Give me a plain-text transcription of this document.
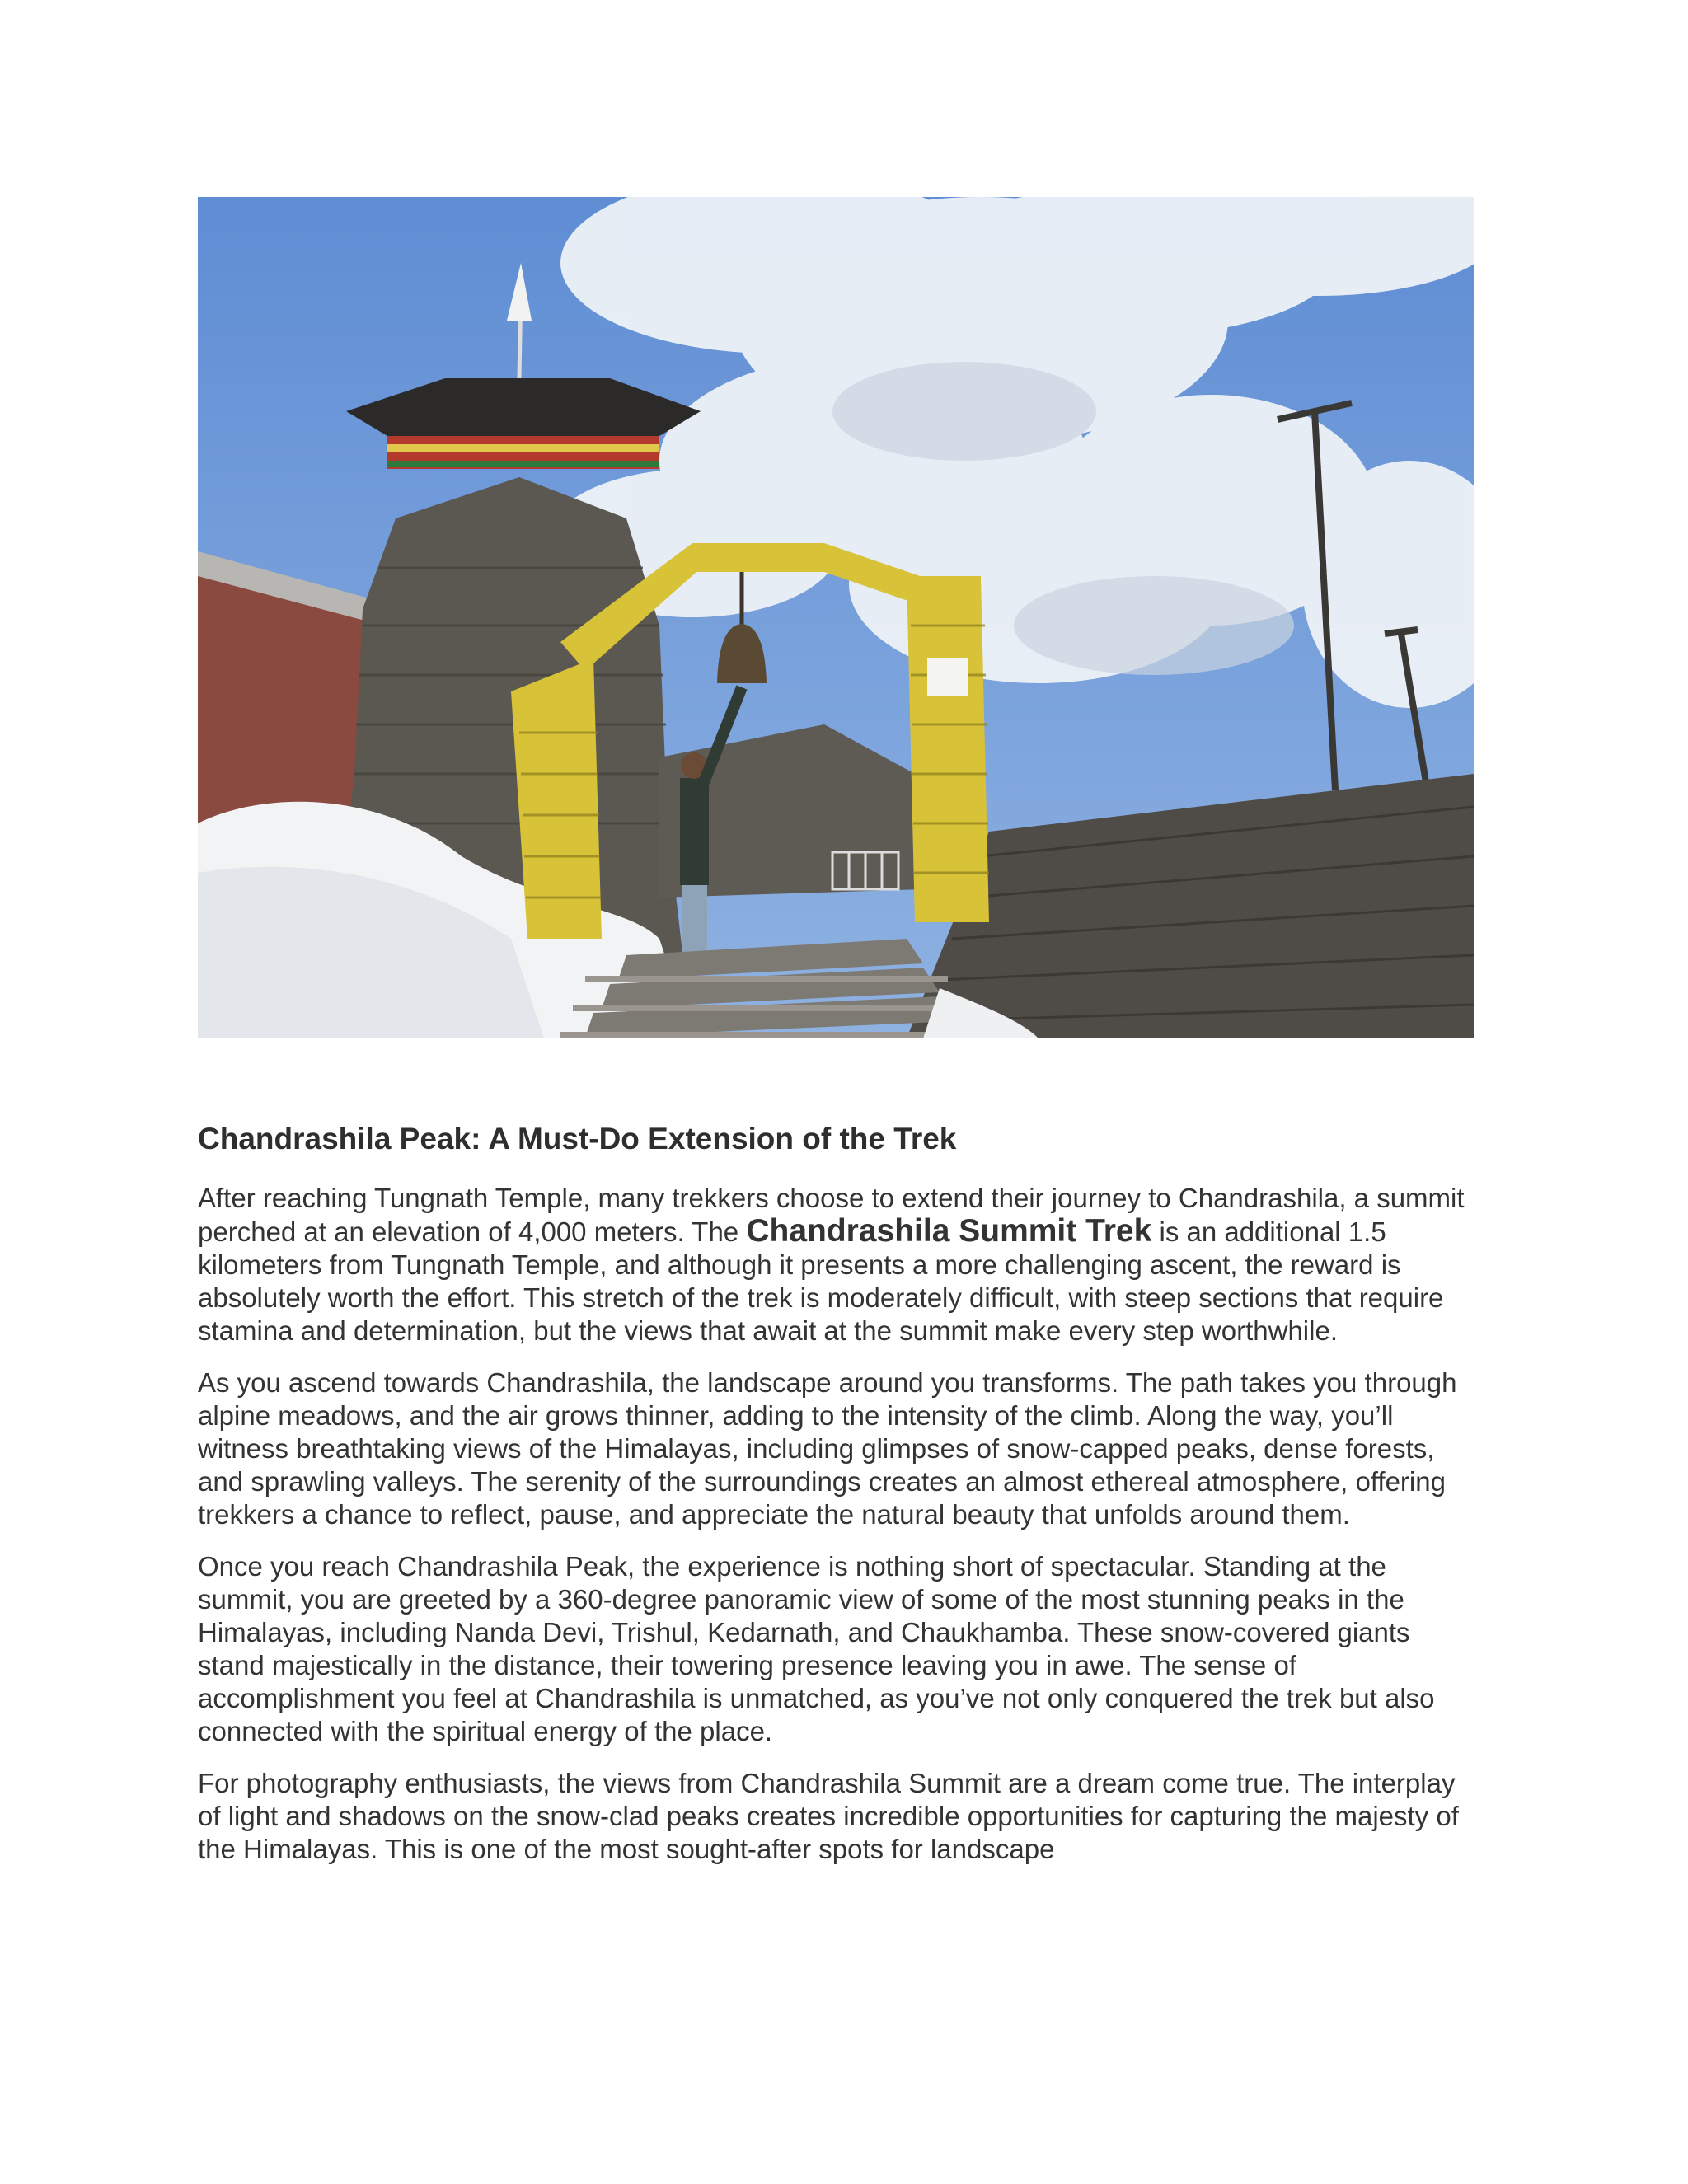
Chandrashila Peak: A Must-Do Extension of the Trek

After reaching Tungnath Temple, many trekkers choose to extend their journey to Chandrashila, a summit perched at an elevation of 4,000 meters. The Chandrashila Summit Trek is an additional 1.5 kilometers from Tungnath Temple, and although it presents a more challenging ascent, the reward is absolutely worth the effort. This stretch of the trek is moderately difficult, with steep sections that require stamina and determination, but the views that await at the summit make every step worthwhile.

As you ascend towards Chandrashila, the landscape around you transforms. The path takes you through alpine meadows, and the air grows thinner, adding to the intensity of the climb. Along the way, you’ll witness breathtaking views of the Himalayas, including glimpses of snow-capped peaks, dense forests, and sprawling valleys. The serenity of the surroundings creates an almost ethereal atmosphere, offering trekkers a chance to reflect, pause, and appreciate the natural beauty that unfolds around them.

Once you reach Chandrashila Peak, the experience is nothing short of spectacular. Standing at the summit, you are greeted by a 360-degree panoramic view of some of the most stunning peaks in the Himalayas, including Nanda Devi, Trishul, Kedarnath, and Chaukhamba. These snow-covered giants stand majestically in the distance, their towering presence leaving you in awe. The sense of accomplishment you feel at Chandrashila is unmatched, as you’ve not only conquered the trek but also connected with the spiritual energy of the place.

For photography enthusiasts, the views from Chandrashila Summit are a dream come true. The interplay of light and shadows on the snow-clad peaks creates incredible opportunities for capturing the majesty of the Himalayas. This is one of the most sought-after spots for landscape
